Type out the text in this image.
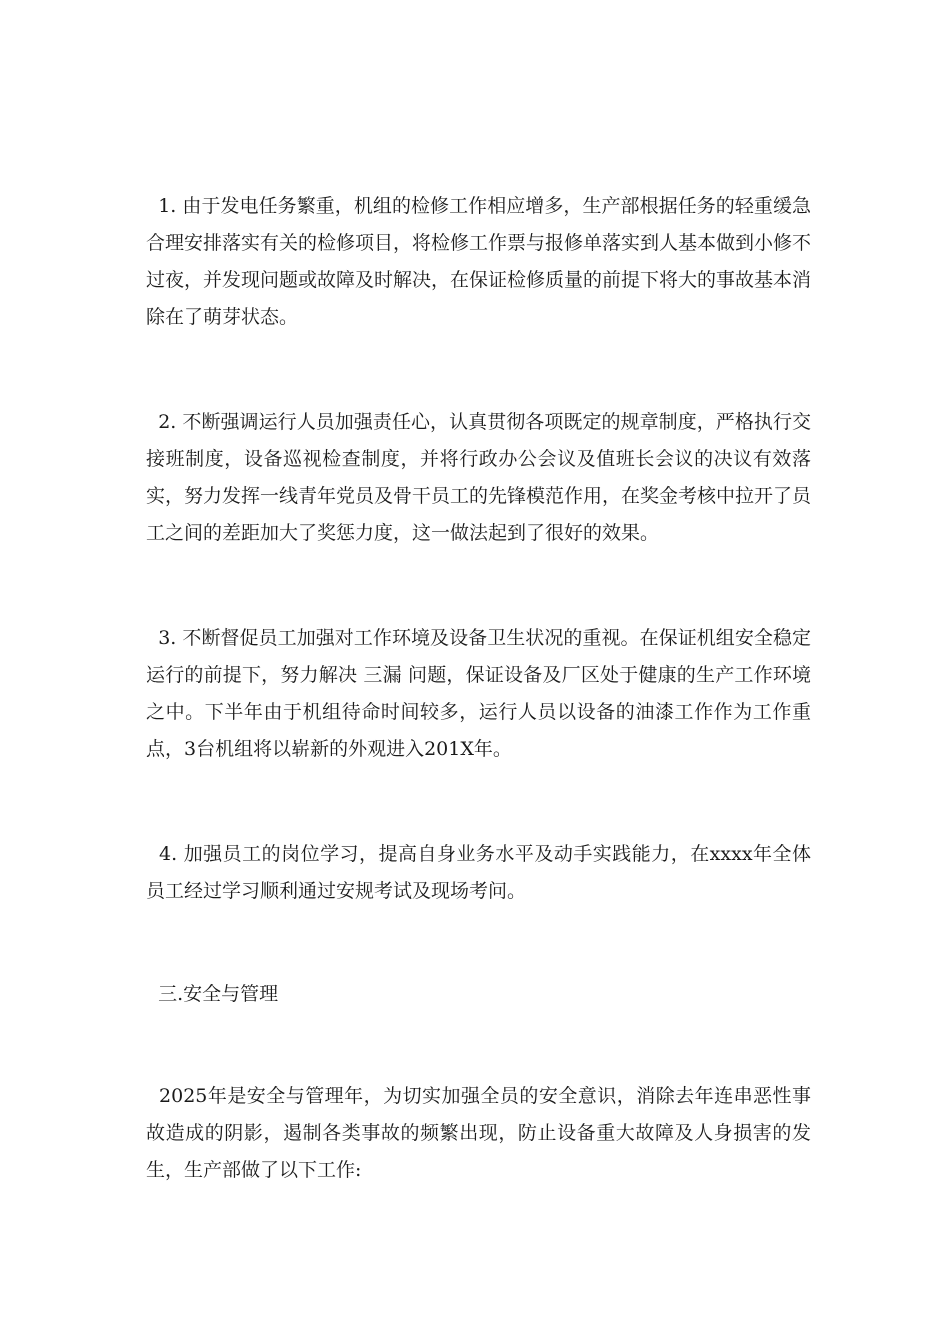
1. 由于发电任务繁重，机组的检修工作相应增多，生产部根据任务的轻重缓急合理安排落实有关的检修项目，将检修工作票与报修单落实到人基本做到小修不过夜，并发现问题或故障及时解决，在保证检修质量的前提下将大的事故基本消除在了萌芽状态。

2. 不断强调运行人员加强责任心，认真贯彻各项既定的规章制度，严格执行交接班制度，设备巡视检查制度，并将行政办公会议及值班长会议的决议有效落实，努力发挥一线青年党员及骨干员工的先锋模范作用，在奖金考核中拉开了员工之间的差距加大了奖惩力度，这一做法起到了很好的效果。

3. 不断督促员工加强对工作环境及设备卫生状况的重视。在保证机组安全稳定运行的前提下，努力解决 三漏 问题，保证设备及厂区处于健康的生产工作环境之中。下半年由于机组待命时间较多，运行人员以设备的油漆工作作为工作重点，3台机组将以崭新的外观进入201X年。

4. 加强员工的岗位学习，提高自身业务水平及动手实践能力，在xxxx年全体员工经过学习顺利通过安规考试及现场考问。

三.安全与管理

2025年是安全与管理年，为切实加强全员的安全意识，消除去年连串恶性事故造成的阴影，遏制各类事故的频繁出现，防止设备重大故障及人身损害的发生，生产部做了以下工作:
